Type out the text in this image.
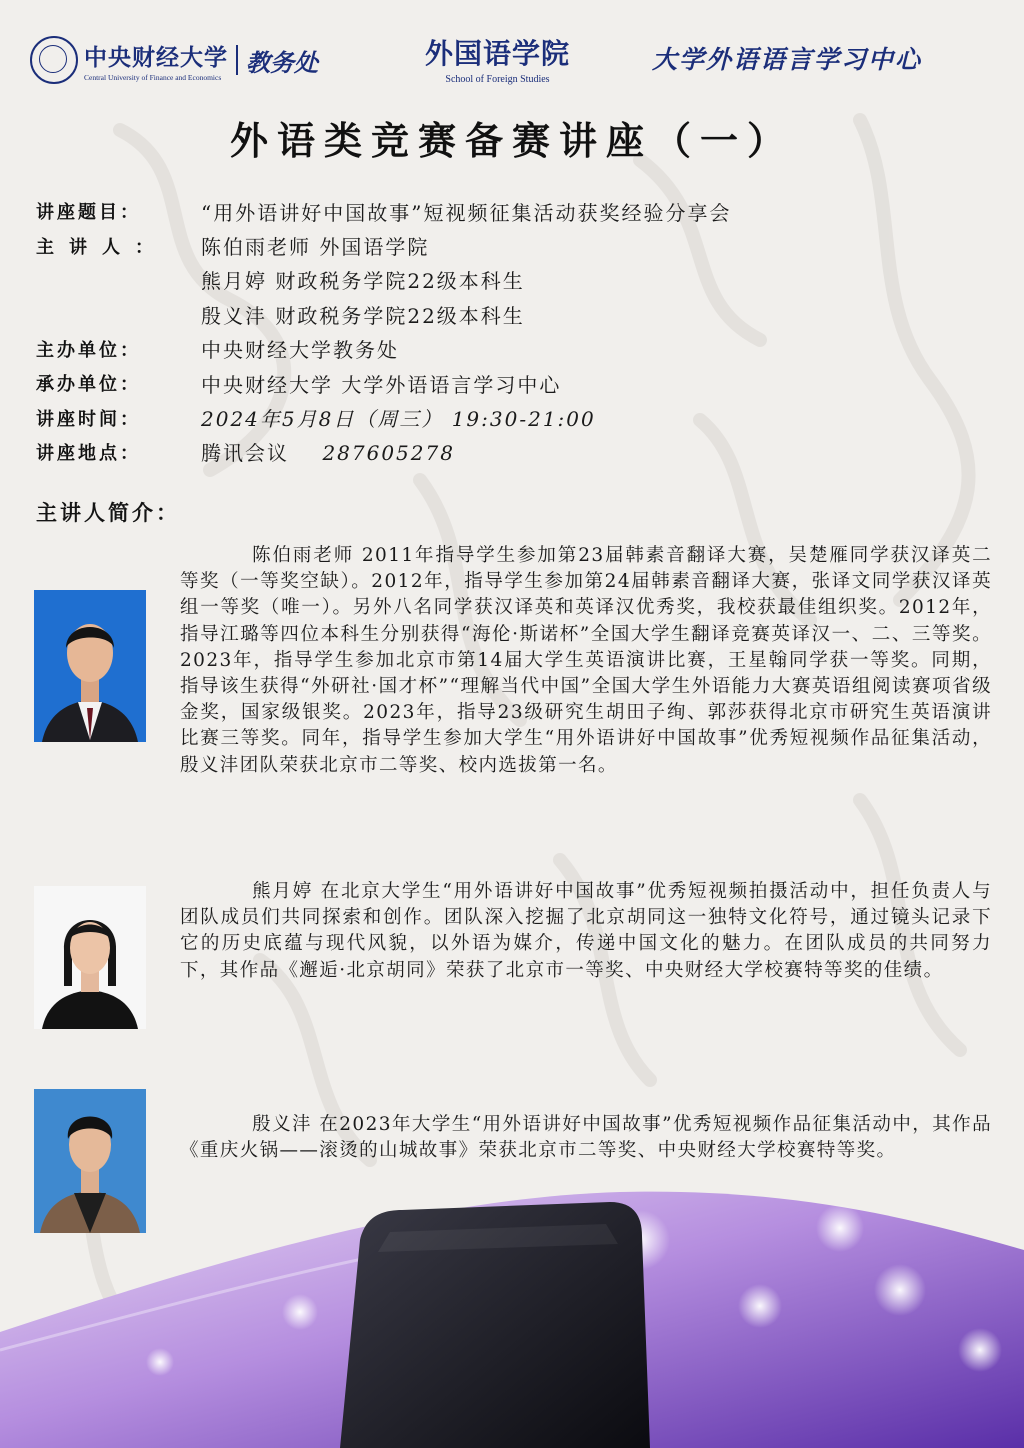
中央财经大学
Central University of Finance and Economics
教务处	外国语学院
School of Foreign Studies
大学外语语言学习中心
外语类竞赛备赛讲座（一）
讲座题目：	“用外语讲好中国故事”短视频征集活动获奖经验分享会
主讲人：	陈伯雨老师 外国语学院
熊月婷 财政税务学院22级本科生
殷义沣 财政税务学院22级本科生
主办单位：	中央财经大学教务处
承办单位：	中央财经大学 大学外语语言学习中心
讲座时间：	2024年5月8日（周三） 19:30-21:00
讲座地点：	腾讯会议 287605278
主讲人简介：

陈伯雨老师 2011年指导学生参加第23届韩素音翻译大赛，吴楚雁同学获汉译英二等奖（一等奖空缺）。2012年，指导学生参加第24届韩素音翻译大赛，张译文同学获汉译英组一等奖（唯一）。另外八名同学获汉译英和英译汉优秀奖，我校获最佳组织奖。2012年，指导江璐等四位本科生分别获得“海伦·斯诺杯”全国大学生翻译竞赛英译汉一、二、三等奖。2023年，指导学生参加北京市第14届大学生英语演讲比赛，王星翰同学获一等奖。同期，指导该生获得“外研社·国才杯”“理解当代中国”全国大学生外语能力大赛英语组阅读赛项省级金奖，国家级银奖。2023年，指导23级研究生胡田子绚、郭莎获得北京市研究生英语演讲比赛三等奖。同年，指导学生参加大学生“用外语讲好中国故事”优秀短视频作品征集活动，殷义沣团队荣获北京市二等奖、校内选拔第一名。

熊月婷 在北京大学生“用外语讲好中国故事”优秀短视频拍摄活动中，担任负责人与团队成员们共同探索和创作。团队深入挖掘了北京胡同这一独特文化符号，通过镜头记录下它的历史底蕴与现代风貌，以外语为媒介，传递中国文化的魅力。在团队成员的共同努力下，其作品《邂逅·北京胡同》荣获了北京市一等奖、中央财经大学校赛特等奖的佳绩。

殷义沣 在2023年大学生“用外语讲好中国故事”优秀短视频作品征集活动中，其作品《重庆火锅——滚烫的山城故事》荣获北京市二等奖、中央财经大学校赛特等奖。
